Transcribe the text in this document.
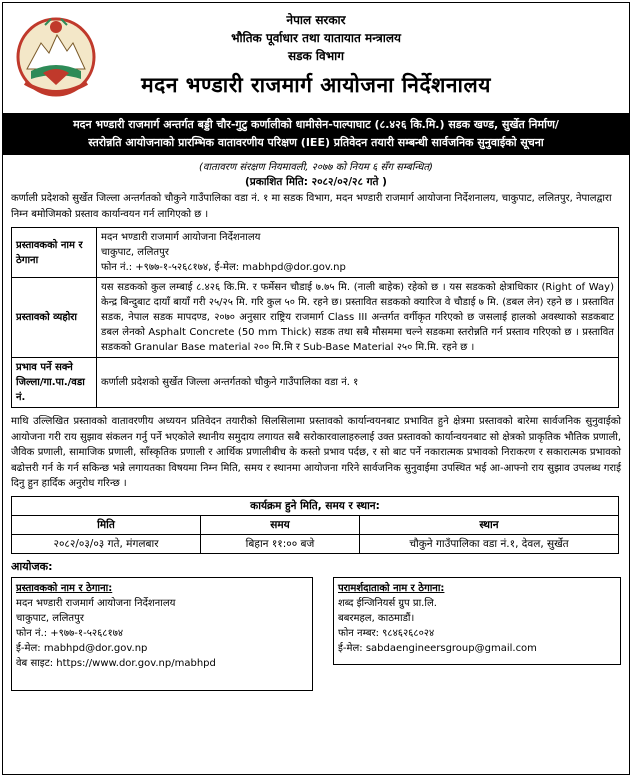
नेपाल सरकार
भौतिक पूर्वाधार तथा यातायात मन्त्रालय
सडक विभाग
मदन भण्डारी राजमार्ग आयोजना निर्देशनालय
मदन भण्डारी राजमार्ग अन्तर्गत बड्डी चौर-गुटु कर्णालीको धामीसेन-पाल्पाघाट (८.४२६ कि.मि.) सडक खण्ड, सुर्खेत निर्माण/
स्तरोन्नति आयोजनाको प्रारम्भिक वातावरणीय परिक्षण (IEE) प्रतिवेदन तयारी सम्बन्धी सार्वजनिक सुनुवाईको सूचना
(वातावरण संरक्षण नियमावली, २०७७ को नियम ६ सँग सम्बन्धित)
(प्रकाशित मिति: २०८२/०२/२८ गते )
कर्णाली प्रदेशको सुर्खेत जिल्ला अन्तर्गतको चौकुने गाउँपालिका वडा नं. १ मा सडक विभाग, मदन भण्डारी राजमार्ग आयोजना निर्देशनालय, चाकुपाट, ललितपुर, नेपालद्वारा निम्न बमोजिमको प्रस्ताव कार्यान्वयन गर्न लागिएको छ ।
प्रस्तावकको नाम र ठेगाना	मदन भण्डारी राजमार्ग आयोजना निर्देशनालय
चाकुपाट, ललितपुर
फोन नं.: +९७७-१-५२६८१७४, ई-मेल: mabhpd@dor.gov.np

प्रस्तावको व्यहोरा	यस सडकको कुल लम्बाई ८.४२६ कि.मि. र फर्मेसन चौडाई ७.७५ मि. (नाली बाहेक) रहेको छ । यस सडकको क्षेत्राधिकार (Right of Way) केन्द्र बिन्दुबाट दायाँ बायाँ गरी २५/२५ मि. गरि कुल ५० मि. रहने छ। प्रस्तावित सडकको क्यारिज वे चौडाई ७ मि. (डबल लेन) रहने छ । प्रस्तावित सडक, नेपाल सडक मापदण्ड, २०७० अनुसार राष्ट्रिय राजमार्ग Class III अन्तर्गत वर्गीकृत गरिएको छ जसलाई हालको अवस्थाको सडकबाट डबल लेनको Asphalt Concrete (50 mm Thick) सडक तथा सबै मौसममा चल्ने सडकमा स्तरोन्नति गर्न प्रस्ताव गरिएको छ । प्रस्तावित सडकको Granular Base material २०० मि.मि र Sub-Base Material २५० मि.मि. रहने छ ।
प्रभाव पर्ने सक्ने जिल्ला/गा.पा./वडा नं.	कर्णाली प्रदेशको सुर्खेत जिल्ला अन्तर्गतको चौकुने गाउँपालिका वडा नं. १
माथि उल्लिखित प्रस्तावको वातावरणीय अध्ययन प्रतिवेदन तयारीको सिलसिलामा प्रस्तावको कार्यान्वयनबाट प्रभावित हुने क्षेत्रमा प्रस्तावको बारेमा सार्वजनिक सुनुवाईको आयोजना गरी राय सुझाव संकलन गर्नु पर्ने भएकोले स्थानीय समुदाय लगायत सबै सरोकारवालाहरुलाई उक्त प्रस्तावको कार्यान्वयनबाट सो क्षेत्रको प्राकृतिक भौतिक प्रणाली, जैविक प्रणाली, सामाजिक प्रणाली, साँस्कृतिक प्रणाली र आर्थिक प्रणालीबीच के कस्तो प्रभाव पर्दछ, र सो बाट पर्ने नकारात्मक प्रभावको निराकरण र सकारात्मक प्रभावको बढोत्तरी गर्न के गर्न सकिन्छ भन्ने लगायतका विषयमा निम्न मिति, समय र स्थानमा आयोजना गरिने सार्वजनिक सुनुवाईमा उपस्थित भई आ-आफ्नो राय सुझाव उपलब्ध गराई दिनु हुन हार्दिक अनुरोध गरिन्छ ।
कार्यक्रम हुने मिति, समय र स्थान:		
मिति	समय	स्थान
२०८२/०३/०३ गते, मंगलबार	बिहान ११:०० बजे	चौकुने गाउँपालिका वडा नं.१, देवल, सुर्खेत
आयोजक:
प्रस्तावकको नाम र ठेगाना:
मदन भण्डारी राजमार्ग आयोजना निर्देशनालय
चाकुपाट, ललितपुर
फोन नं.: +९७७-१-५२६८१७४
ई-मेल: mabhpd@dor.gov.np
वेब साइट: https://www.dor.gov.np/mabhpd
परामर्शदाताको नाम र ठेगाना:
शब्द ईन्जिनियर्स ग्रुप प्रा.लि.
बबरमहल, काठमाडौं।
फोन नम्बर: ९८४६२६८०२४
ई-मेल: sabdaengineersgroup@gmail.com
